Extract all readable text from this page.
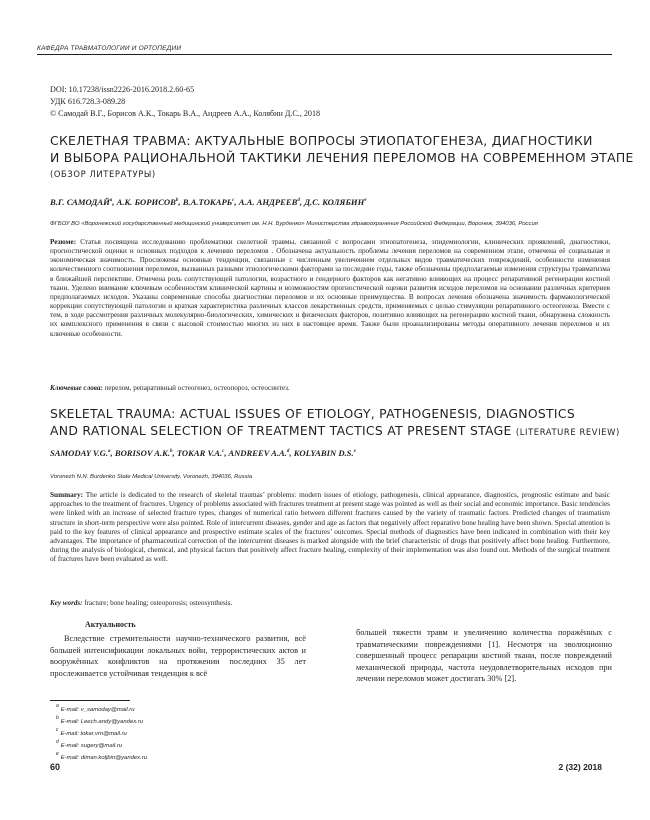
КАФЕДРА ТРАВМАТОЛОГИИ И ОРТОПЕДИИ
DOI: 10.17238/issn2226-2016.2018.2.60-65
УДК 616.728.3-089.28
© Самодай В.Г., Борисов А.К., Токарь В.А., Андреев А.А., Колябин Д.С., 2018
СКЕЛЕТНАЯ ТРАВМА: АКТУАЛЬНЫЕ ВОПРОСЫ ЭТИОПАТОГЕНЕЗА, ДИАГНОСТИКИ
И ВЫБОРА РАЦИОНАЛЬНОЙ ТАКТИКИ ЛЕЧЕНИЯ ПЕРЕЛОМОВ НА СОВРЕМЕННОМ ЭТАПЕ
(ОБЗОР ЛИТЕРАТУРЫ)
В.Г. САМОДАЙ$^a$, А.К. БОРИСОВ$^b$, В.А.ТОКАРЬ$^c$, А.А. АНДРЕЕВ$^d$, Д.С. КОЛЯБИН$^e$
ФГБОУ ВО «Воронежский государственный медицинский университет им. Н.Н. Бурденко» Министерства здравоохранения Российской Федерации, Воронеж, 394036, Россия
Резюме: Статья посвящена исследованию проблематики скелетной травмы, связанной с вопросами этиопатогенеза, эпидемиологии, клинических проявлений, диагностики, прогностической оценки и основных подходов к лечению переломов . Обозначена актуальность проблемы лечения переломов на современном этапе, отмечена её социальная и экономическая значимость. Прослежены основные тенденции, связанные с численным увеличением отдельных видов травматических повреждений, особенности изменения количественного соотношения переломов, вызванных разными этиологическими факторами за последние годы, также обозначены предполагаемые изменения структуры травматизма в ближайшей перспективе. Отмечена роль сопутствующей патологии, возрастного и гендерного факторов как негативно влияющих на процесс репаративной регенерации костной ткани. Уделено внимание ключевым особенностям клинической картины и возможностям прогностической оценки развития исходов переломов на основании различных критериев предполагаемых исходов. Указаны современные способы диагностики переломов и их основные преимущества. В вопросах лечения обозначена значимость фармакологической коррекции сопутствующей патологии и краткая характеристика различных классов лекарственных средств, применяемых с целью стимуляции репаративного остеогенеза. Вместе с тем, в ходе рассмотрения различных молекулярно-биологических, химических и физических факторов, позитивно влияющих на регенерацию костной ткани, обнаружена сложность их комплексного применения в связи с высокой стоимостью многих из них в настоящее время. Также были проанализированы методы оперативного лечения переломов и их ключевые особенности.
Ключевые слова: перелом, репаративный остеогенез, остеопороз, остеосинтез.
SKELETAL TRAUMA: ACTUAL ISSUES OF ETIOLOGY, PATHOGENESIS, DIAGNOSTICS
AND RATIONAL SELECTION OF TREATMENT TACTICS AT PRESENT STAGE (LITERATURE REVIEW)
SAMODAY V.G.$^a$, BORISOV A.K.$^b$, TOKAR V.A.$^c$, ANDREEV A.A.$^d$, KOLYABIN D.S.$^e$
Voronezh N.N. Burdenko State Medical University, Voronezh, 394036, Russia
Summary: The article is dedicated to the research of skeletal traumas’ problems: modern issues of etiology, pathogenesis, clinical appearance, diagnostics, prognostic estimate and basic approaches to the treatment of fractures. Urgency of problems associated with fractures treatment at present stage was pointed as well as their social and economic importance. Basic tendencies were linked with an increase of selected fracture types, changes of numerical ratio between different fractures caused by the variety of traumatic factors. Predicted changes of traumatism structure in short-term perspective were also pointed. Role of intercurrent diseases, gender and age as factors that negatively affect reparative bone healing have been shown. Special attention is paid to the key features of clinical appearance and prospective estimate scales of the fractures’ outcomes. Special methods of diagnostics have been indicated in combination with their key advantages. The importance of pharmaceutical correction of the intercurrent diseases is marked alongside with the brief characteristic of drugs that positively affect bone healing. Furthermore, during the analysis of biological, chemical, and physical factors that positively affect fracture healing, complexity of their implementation was also found out. Methods of the surgical treatment of fractures have been evaluated as well.
Key words: fracture; bone healing; osteoporosis; osteosynthesis.
Актуальность
Вследствие стремительности научно-технического развития, всё большей интенсификации локальных войн, террористических актов и вооружённых конфликтов на протяжении последних 35 лет прослеживается устойчивая тенденция к всё
большей тяжести травм и увеличению количества поражённых с травматическими повреждениями [1]. Несмотря на эволюционно совершенный процесс репарации костной ткани, после повреждений механической природы, частота неудовлетворительных исходов при лечении переломов может достигать 30% [2].
$^a$E-mail: v_samoday@mail.ru
$^b$E-mail: Leech.andy@yandex.ru
$^c$E-mail: tokar.vrn@mail.ru
$^d$E-mail: sugery@mail.ru
$^e$E-mail: diman.koljbin@yandex.ru
60	2 (32) 2018
